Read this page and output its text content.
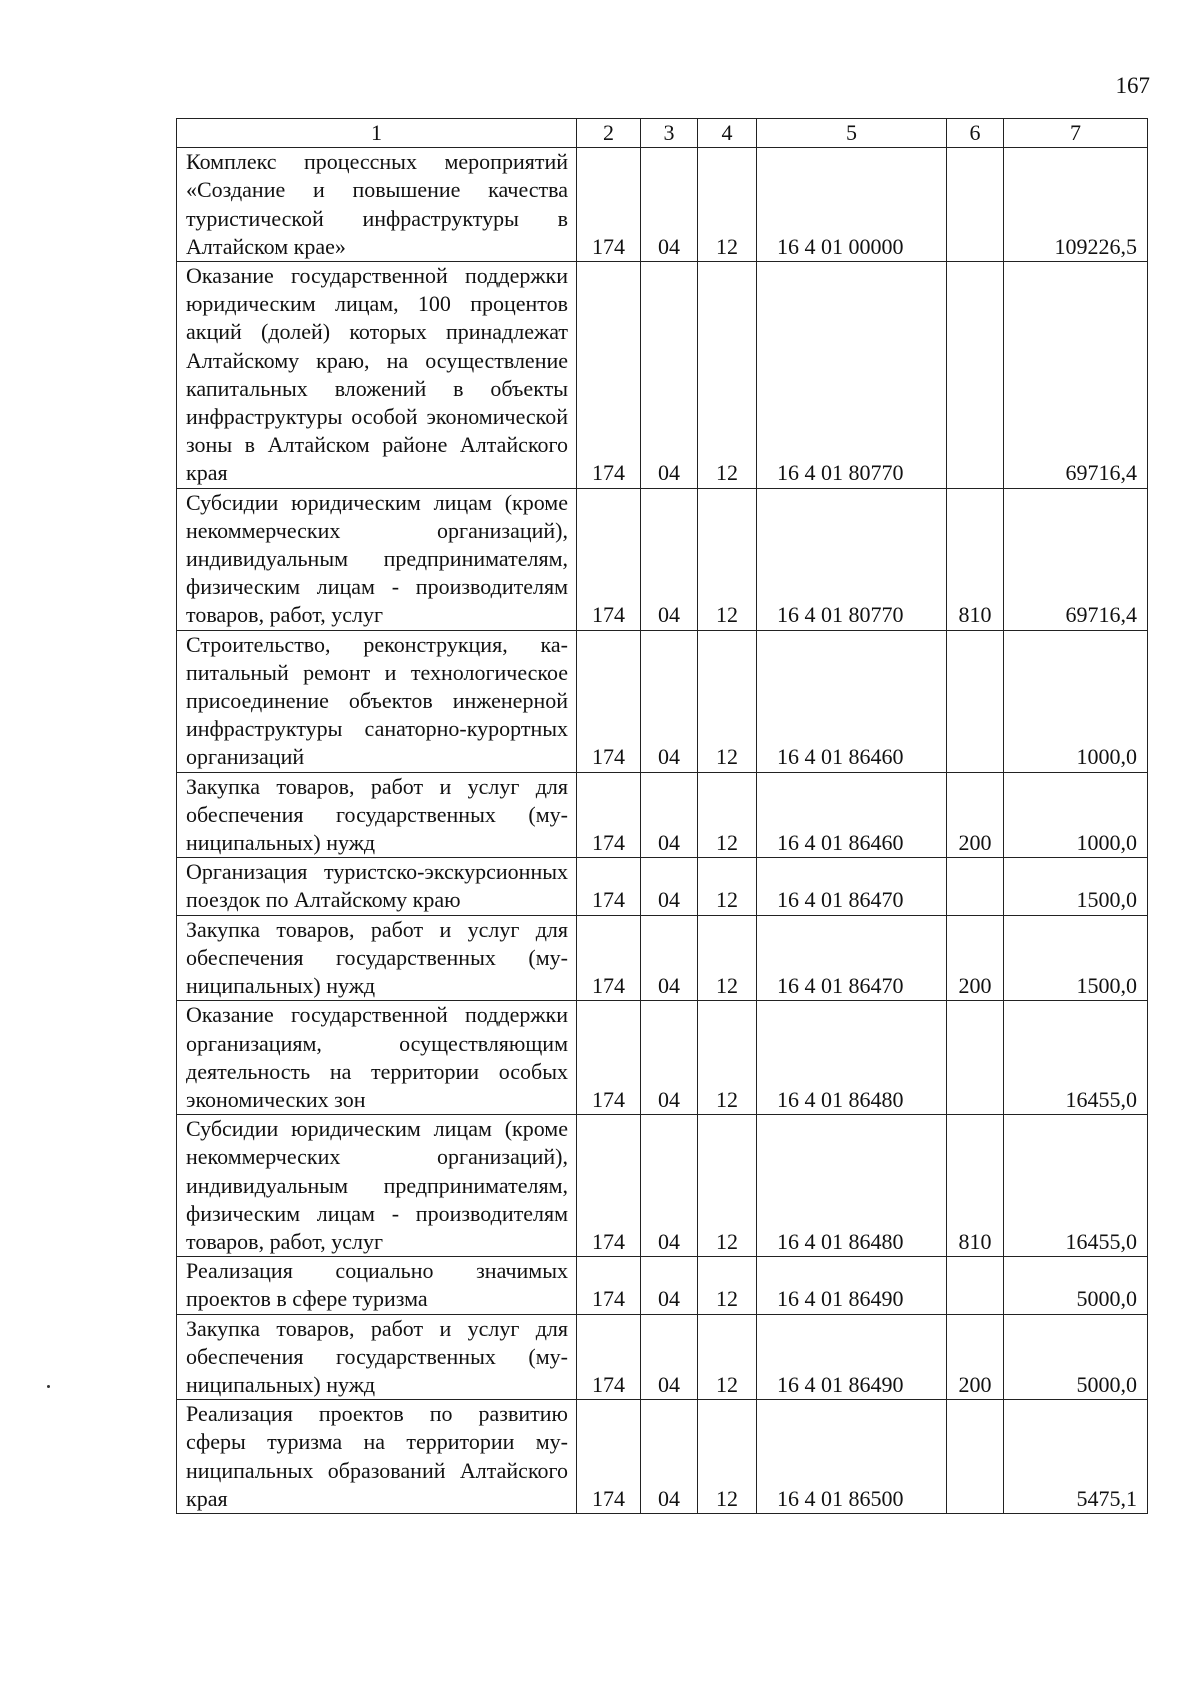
167
1	2	3	4	5	6	7
Комплекс процессных мероприятий «Создание и повышение качества туристической инфраструктуры в Алтайском крае»	174	04	12	16 4 01 00000		109226,5
Оказание государственной поддержки юридическим лицам, 100 процентов акций (долей) которых принадлежат Алтайскому краю, на осуществление капитальных вложений в объекты инфраструктуры особой экономической зоны в Алтайском районе Алтайского края	174	04	12	16 4 01 80770		69716,4
Субсидии юридическим лицам (кроме некоммерческих организаций), индивидуальным предпринимателям, физическим лицам - производителям товаров, работ, услуг	174	04	12	16 4 01 80770	810	69716,4
Строительство, реконструкция, капитальный ремонт и технологическое присоединение объектов инженерной инфраструктуры санаторно-курортных организаций	174	04	12	16 4 01 86460		1000,0
Закупка товаров, работ и услуг для обеспечения государственных (муниципальных) нужд	174	04	12	16 4 01 86460	200	1000,0
Организация туристско-экскурсионных поездок по Алтайскому краю	174	04	12	16 4 01 86470		1500,0
Закупка товаров, работ и услуг для обеспечения государственных (муниципальных) нужд	174	04	12	16 4 01 86470	200	1500,0
Оказание государственной поддержки организациям, осуществляющим деятельность на территории особых экономических зон	174	04	12	16 4 01 86480		16455,0
Субсидии юридическим лицам (кроме некоммерческих организаций), индивидуальным предпринимателям, физическим лицам - производителям товаров, работ, услуг	174	04	12	16 4 01 86480	810	16455,0
Реализация социально значимых проектов в сфере туризма	174	04	12	16 4 01 86490		5000,0
Закупка товаров, работ и услуг для обеспечения государственных (муниципальных) нужд	174	04	12	16 4 01 86490	200	5000,0
Реализация проектов по развитию сферы туризма на территории муниципальных образований Алтайского края	174	04	12	16 4 01 86500		5475,1
